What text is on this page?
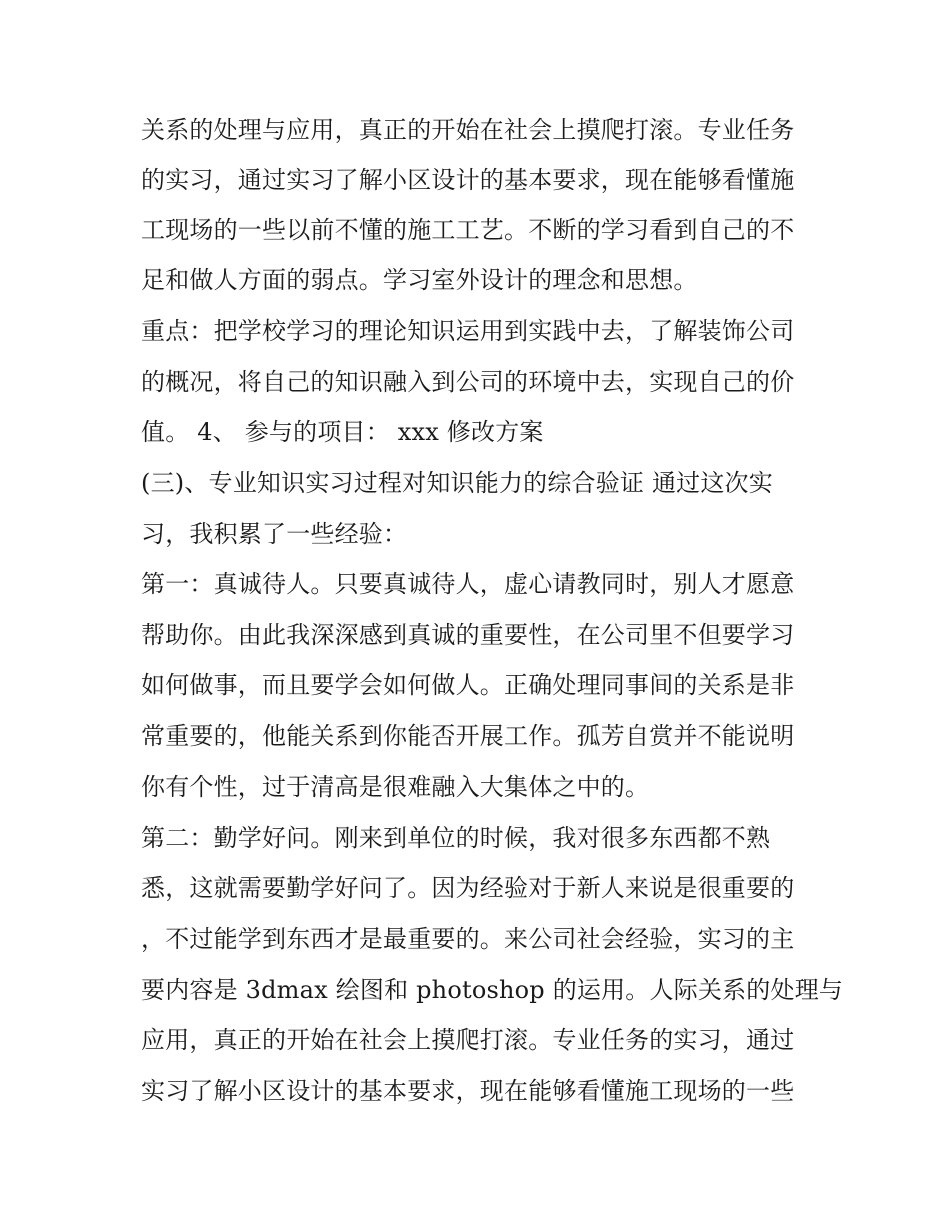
关系的处理与应用，真正的开始在社会上摸爬打滚。专业任务
的实习，通过实习了解小区设计的基本要求，现在能够看懂施
工现场的一些以前不懂的施工工艺。不断的学习看到自己的不
足和做人方面的弱点。学习室外设计的理念和思想。
重点：把学校学习的理论知识运用到实践中去，了解装饰公司
的概况，将自己的知识融入到公司的环境中去，实现自己的价
值。 4、 参与的项目： xxx 修改方案
(三)、专业知识实习过程对知识能力的综合验证 通过这次实
习，我积累了一些经验：
第一：真诚待人。只要真诚待人，虚心请教同时，别人才愿意
帮助你。由此我深深感到真诚的重要性，在公司里不但要学习
如何做事，而且要学会如何做人。正确处理同事间的关系是非
常重要的，他能关系到你能否开展工作。孤芳自赏并不能说明
你有个性，过于清高是很难融入大集体之中的。
第二：勤学好问。刚来到单位的时候，我对很多东西都不熟
悉，这就需要勤学好问了。因为经验对于新人来说是很重要的
，不过能学到东西才是最重要的。来公司社会经验，实习的主
要内容是 3dmax 绘图和 photoshop 的运用。人际关系的处理与
应用，真正的开始在社会上摸爬打滚。专业任务的实习，通过
实习了解小区设计的基本要求，现在能够看懂施工现场的一些
